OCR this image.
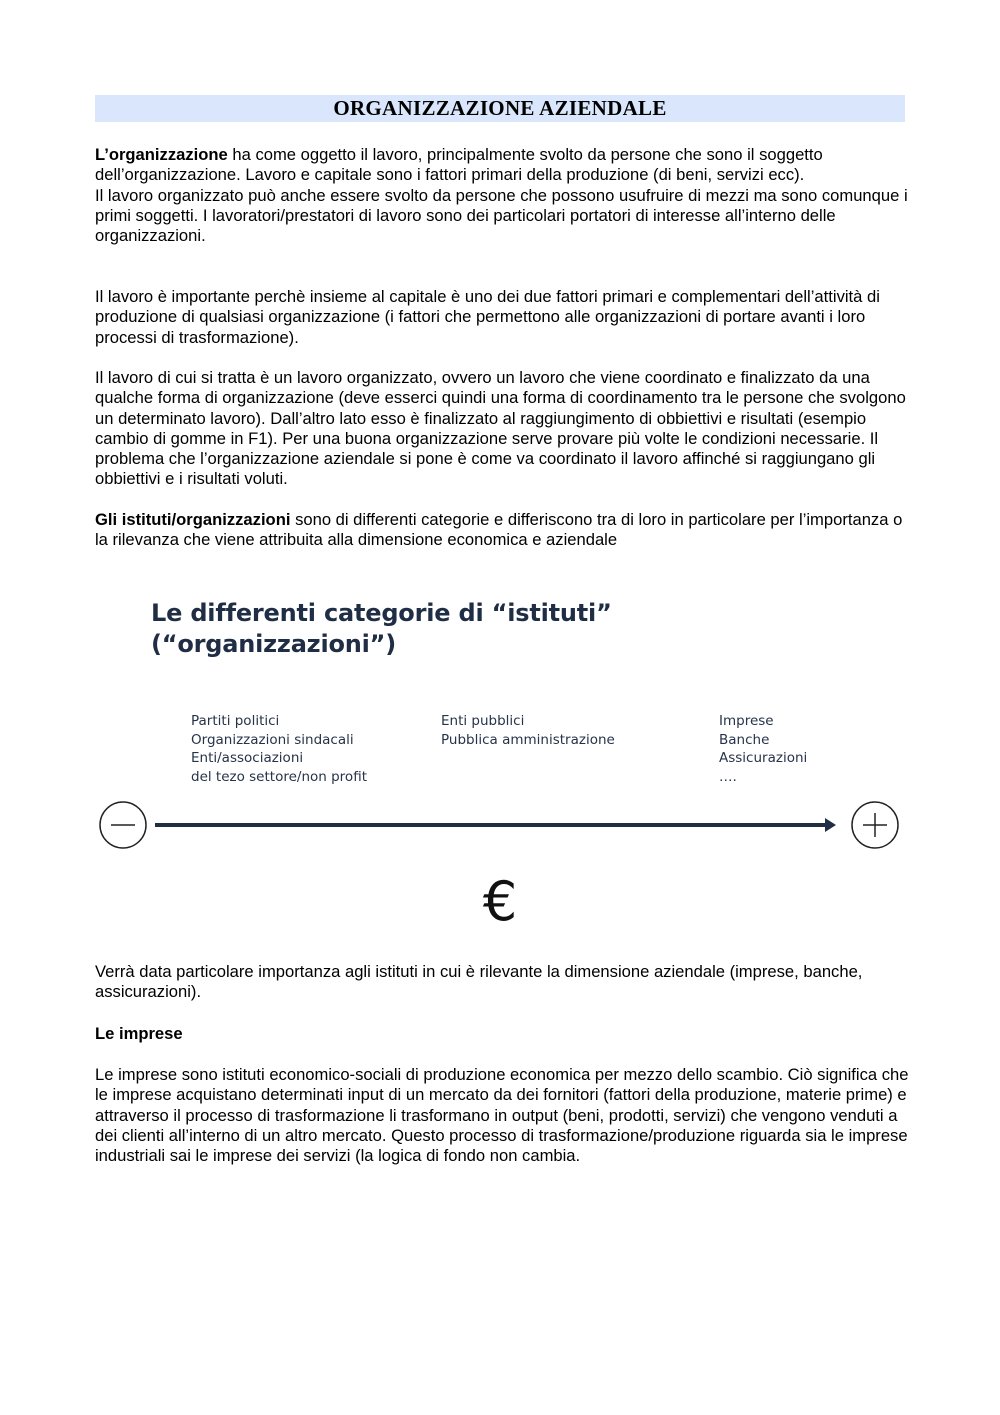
ORGANIZZAZIONE AZIENDALE

L’organizzazione ha come oggetto il lavoro, principalmente svolto da persone che sono il soggetto dell’organizzazione. Lavoro e capitale sono i fattori primari della produzione (di beni, servizi ecc).

Il lavoro organizzato può anche essere svolto da persone che possono usufruire di mezzi ma sono comunque i primi soggetti. I lavoratori/prestatori di lavoro sono dei particolari portatori di interesse all’interno delle organizzazioni.

Il lavoro è importante perchè insieme al capitale è uno dei due fattori primari e complementari dell’attività di produzione di qualsiasi organizzazione (i fattori che permettono alle organizzazioni di portare avanti i loro processi di trasformazione).

Il lavoro di cui si tratta è un lavoro organizzato, ovvero un lavoro che viene coordinato e finalizzato da una qualche forma di organizzazione (deve esserci quindi una forma di coordinamento tra le persone che svolgono un determinato lavoro). Dall’altro lato esso è finalizzato al raggiungimento di obbiettivi e risultati (esempio cambio di gomme in F1). Per una buona organizzazione serve provare più volte le condizioni necessarie. Il problema che l’organizzazione aziendale si pone è come va coordinato il lavoro affinché si raggiungano gli obbiettivi e i risultati voluti.

Gli istituti/organizzazioni sono di differenti categorie e differiscono tra di loro in particolare per l’importanza o la rilevanza che viene attribuita alla dimensione economica e aziendale

Le differenti categorie di “istituti”
(“organizzazioni”)
Partiti politici
Organizzazioni sindacali
Enti/associazioni
del tezo settore/non profit
Enti pubblici
Pubblica amministrazione
Imprese
Banche
Assicurazioni
….
€

Verrà data particolare importanza agli istituti in cui è rilevante la dimensione aziendale (imprese, banche, assicurazioni).

Le imprese

Le imprese sono istituti economico-sociali di produzione economica per mezzo dello scambio. Ciò significa che le imprese acquistano determinati input di un mercato da dei fornitori (fattori della produzione, materie prime) e attraverso il processo di trasformazione li trasformano in output (beni, prodotti, servizi) che vengono venduti a dei clienti all’interno di un altro mercato. Questo processo di trasformazione/produzione riguarda sia le imprese industriali sai le imprese dei servizi (la logica di fondo non cambia.
